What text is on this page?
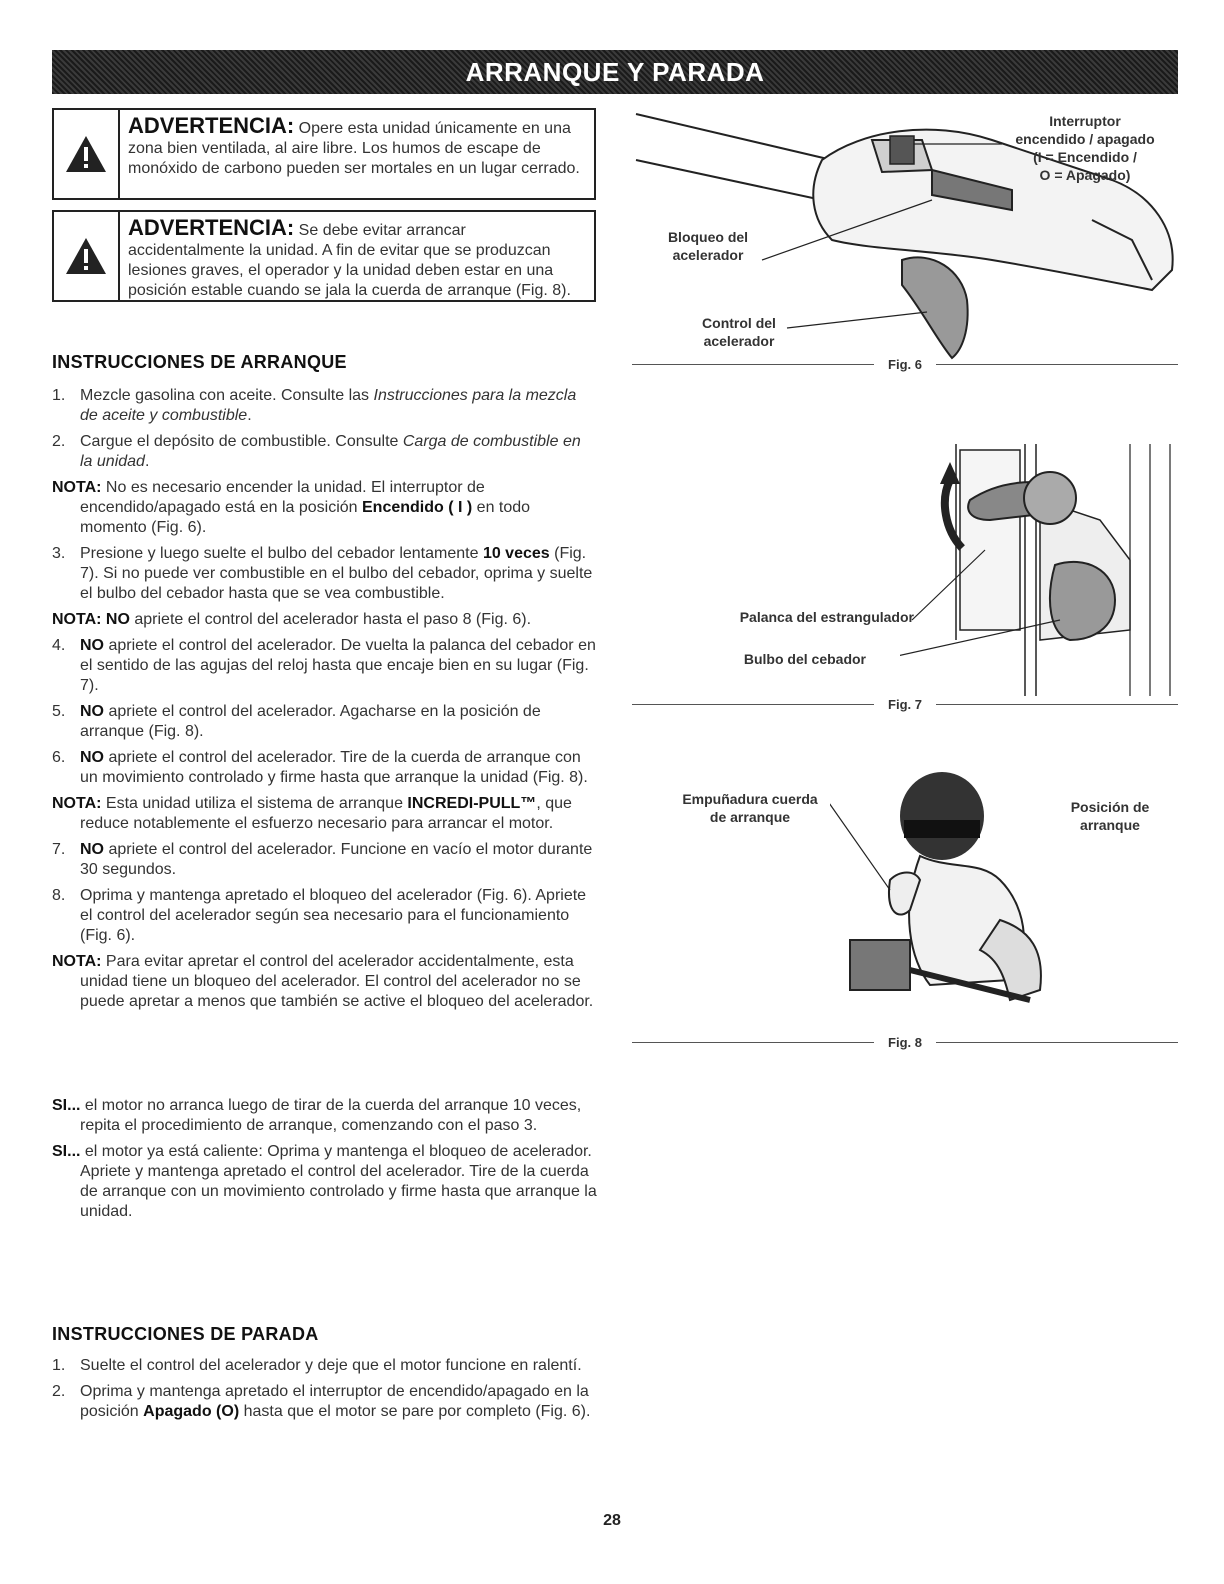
ARRANQUE Y PARADA
ADVERTENCIA: Opere esta unidad únicamente en una zona bien ventilada, al aire libre. Los humos de escape de monóxido de carbono pueden ser mortales en un lugar cerrado.
ADVERTENCIA: Se debe evitar arrancar accidentalmente la unidad. A fin de evitar que se produzcan lesiones graves, el operador y la unidad deben estar en una posición estable cuando se jala la cuerda de arranque (Fig. 8).
INSTRUCCIONES DE ARRANQUE
1. Mezcle gasolina con aceite. Consulte las Instrucciones para la mezcla de aceite y combustible.
2. Cargue el depósito de combustible. Consulte Carga de combustible en la unidad.
NOTA: No es necesario encender la unidad. El interruptor de encendido/apagado está en la posición Encendido ( I ) en todo momento (Fig. 6).
3. Presione y luego suelte el bulbo del cebador lentamente 10 veces (Fig. 7). Si no puede ver combustible en el bulbo del cebador, oprima y suelte el bulbo del cebador hasta que se vea combustible.
NOTA: NO apriete el control del acelerador hasta el paso 8 (Fig. 6).
4. NO apriete el control del acelerador. De vuelta la palanca del cebador en el sentido de las agujas del reloj hasta que encaje bien en su lugar (Fig. 7).
5. NO apriete el control del acelerador. Agacharse en la posición de arranque (Fig. 8).
6. NO apriete el control del acelerador. Tire de la cuerda de arranque con un movimiento controlado y firme hasta que arranque la unidad (Fig. 8).
NOTA: Esta unidad utiliza el sistema de arranque INCREDI-PULL™, que reduce notablemente el esfuerzo necesario para arrancar el motor.
7. NO apriete el control del acelerador. Funcione en vacío el motor durante 30 segundos.
8. Oprima y mantenga apretado el bloqueo del acelerador (Fig. 6). Apriete el control del acelerador según sea necesario para el funcionamiento (Fig. 6).
NOTA: Para evitar apretar el control del acelerador accidentalmente, esta unidad tiene un bloqueo del acelerador. El control del acelerador no se puede apretar a menos que también se active el bloqueo del acelerador.
SI... el motor no arranca luego de tirar de la cuerda del arranque 10 veces, repita el procedimiento de arranque, comenzando con el paso 3.
SI... el motor ya está caliente: Oprima y mantenga el bloqueo de acelerador. Apriete y mantenga apretado el control del acelerador. Tire de la cuerda de arranque con un movimiento controlado y firme hasta que arranque la unidad.
INSTRUCCIONES DE PARADA
1. Suelte el control del acelerador y deje que el motor funcione en ralentí.
2. Oprima y mantenga apretado el interruptor de encendido/apagado en la posición Apagado (O) hasta que el motor se pare por completo (Fig. 6).
Interruptor
encendido / apagado
(I = Encendido /
O = Apagado)
Bloqueo del
acelerador
Control del
acelerador
Fig. 6
Palanca del estrangulador
Bulbo del cebador
Fig. 7
Empuñadura cuerda
de arranque
Posición de
arranque
Fig. 8
28
